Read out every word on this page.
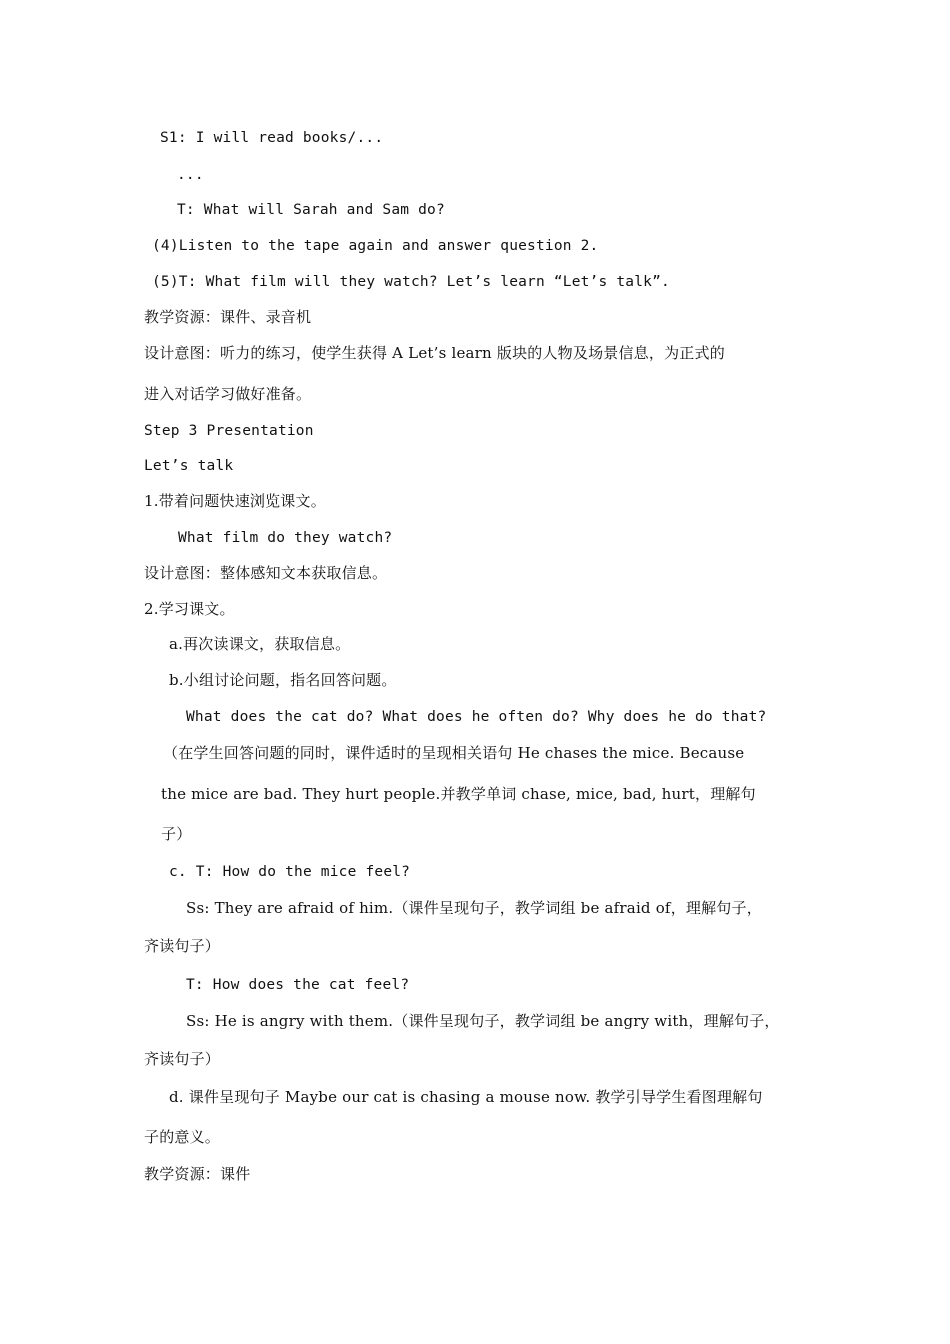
S1: I will read books/...
...
T: What will Sarah and Sam do?
(4)Listen to the tape again and answer question 2.
(5)T: What film will they watch? Let’s learn “Let’s talk”.
教学资源：课件、录音机
设计意图：听力的练习，使学生获得 A Let’s learn 版块的人物及场景信息，为正式的
进入对话学习做好准备。
Step 3 Presentation
Let’s talk
1.带着问题快速浏览课文。
What film do they watch?
设计意图：整体感知文本获取信息。
2.学习课文。
a.再次读课文，获取信息。
b.小组讨论问题，指名回答问题。
What does the cat do? What does he often do? Why does he do that?
（在学生回答问题的同时，课件适时的呈现相关语句 He chases the mice. Because
the mice are bad. They hurt people.并教学单词 chase, mice, bad, hurt，理解句
子）
c. T: How do the mice feel?
Ss: They are afraid of him.（课件呈现句子，教学词组 be afraid of，理解句子，
齐读句子）
T: How does the cat feel?
Ss: He is angry with them.（课件呈现句子，教学词组 be angry with，理解句子，
齐读句子）
d. 课件呈现句子 Maybe our cat is chasing a mouse now. 教学引导学生看图理解句
子的意义。
教学资源：课件
